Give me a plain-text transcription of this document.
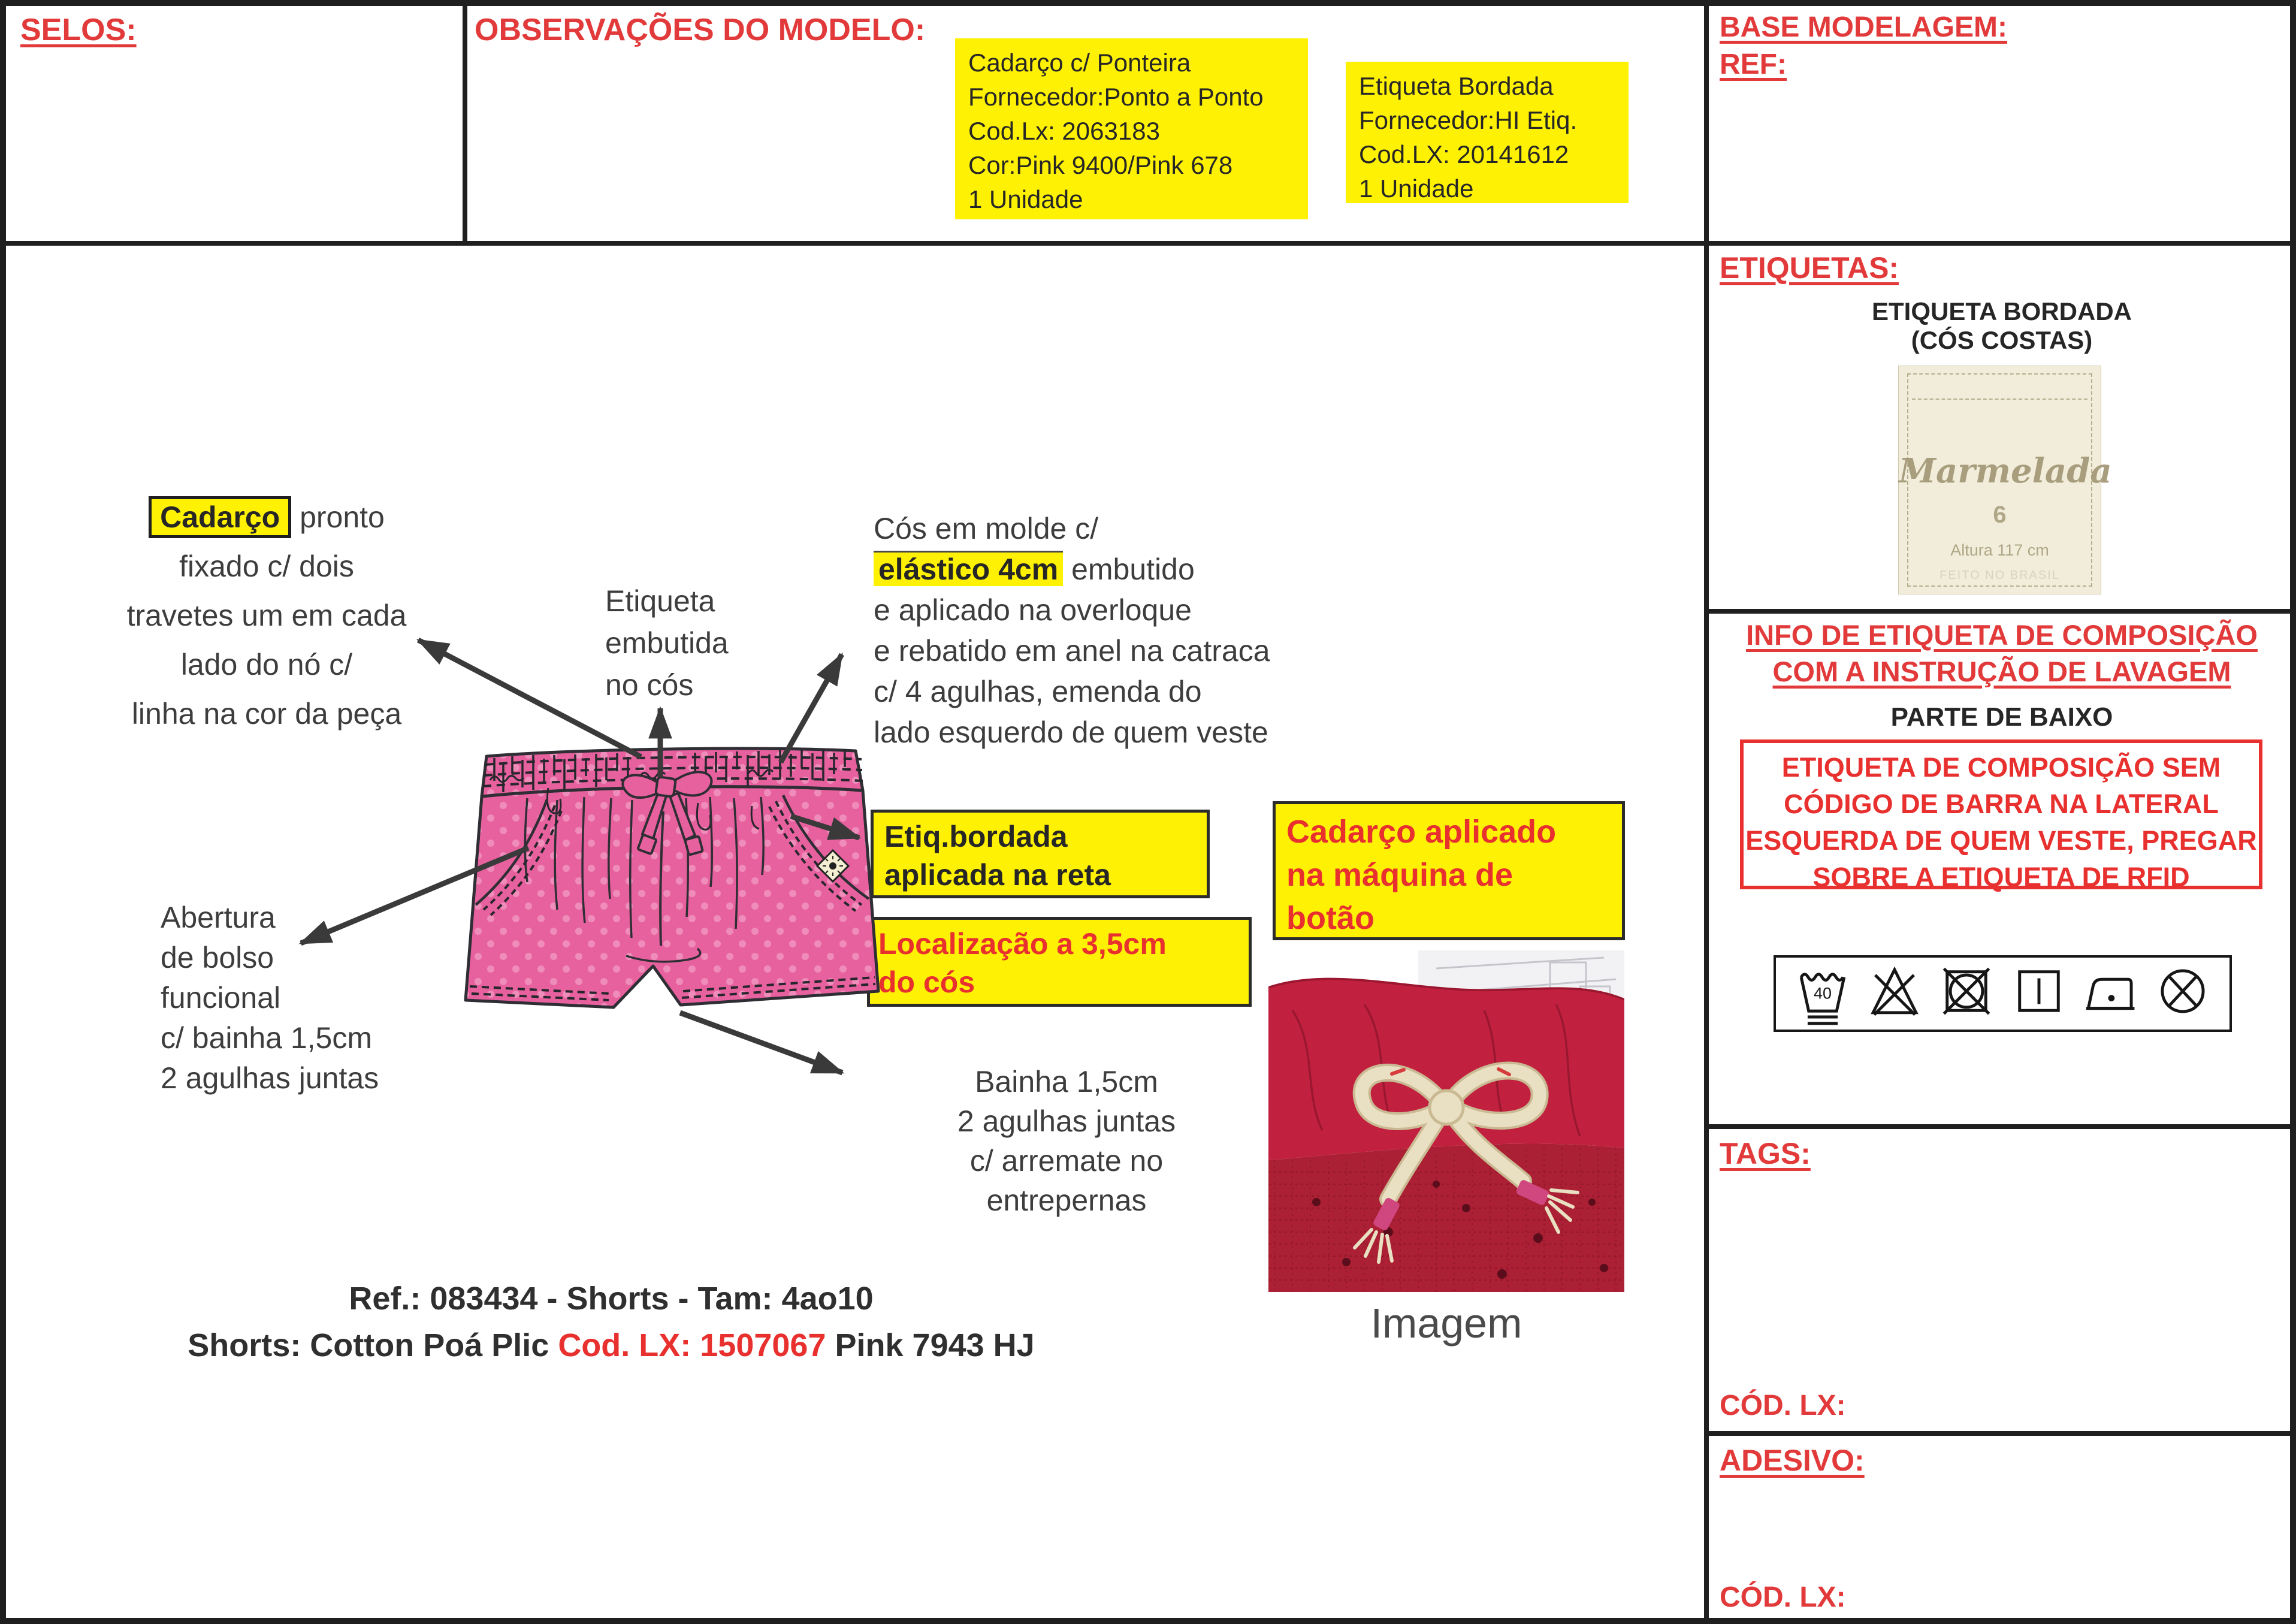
SELOS:	OBSERVAÇÕES DO MODELO:	BASE MODELAGEM:
REF:
Cadarço c/ Ponteira
Fornecedor:Ponto a Ponto
Cod.Lx: 2063183
Cor:Pink 9400/Pink 678
1 Unidade
Etiqueta Bordada
Fornecedor:HI Etiq.
Cod.LX: 20141612
1 Unidade
ETIQUETAS:
ETIQUETA BORDADA
(CÓS COSTAS)
Marmelada
6
Altura 117 cm
FEITO NO BRASIL
INFO DE ETIQUETA DE COMPOSIÇÃO
COM A INSTRUÇÃO DE LAVAGEM
PARTE DE BAIXO
ETIQUETA DE COMPOSIÇÃO SEM
CÓDIGO DE BARRA NA LATERAL
ESQUERDA DE QUEM VESTE, PREGAR
SOBRE A ETIQUETA DE RFID
40
TAGS:
CÓD. LX:
ADESIVO:
CÓD. LX:
Cadarço pronto
fixado c/ dois
travetes um em cada
lado do nó c/
linha na cor da peça
Etiqueta
embutida
no cós
Cós em molde c/
elástico 4cm embutido
e aplicado na overloque
e rebatido em anel na catraca
c/ 4 agulhas, emenda do
lado esquerdo de quem veste
Abertura
de bolso
funcional
c/ bainha 1,5cm
2 agulhas juntas	Bainha 1,5cm
2 agulhas juntas
c/ arremate no
entrepernas
Etiq.bordada
aplicada na reta
Localização a 3,5cm
do cós
Cadarço aplicado
na máquina de
botão
Imagem
Ref.: 083434 - Shorts - Tam: 4ao10
Shorts: Cotton Poá Plic Cod. LX: 1507067 Pink 7943 HJ
